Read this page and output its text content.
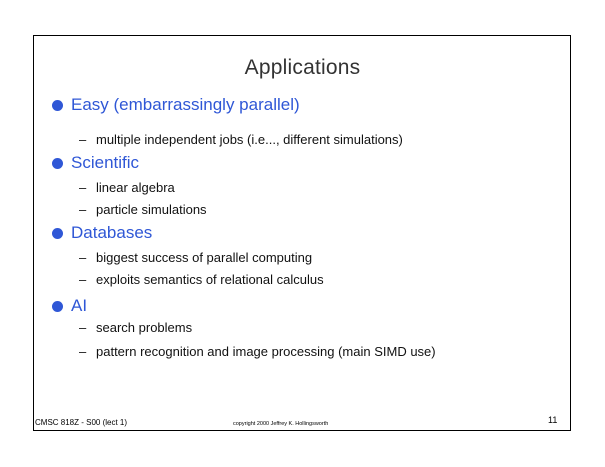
Applications
Easy (embarrassingly parallel)
– multiple independent jobs (i.e..., different simulations)
Scientific
– linear algebra
– particle simulations
Databases
– biggest success of parallel computing
– exploits semantics of relational calculus
AI
– search problems
– pattern recognition and image processing (main SIMD use)
CMSC 818Z - S00 (lect 1)	copyright 2000 Jeffrey K. Hollingsworth	11
